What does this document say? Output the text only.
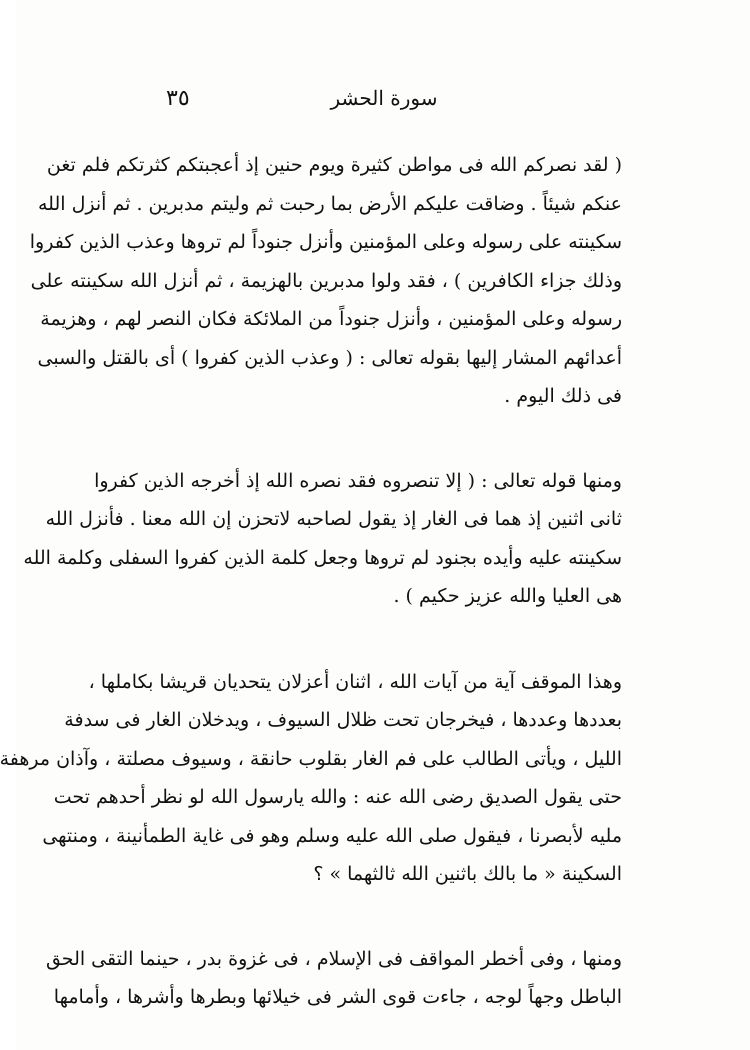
٣٥	سورة الحشر
( لقد نصركم الله فى مواطن كثيرة ويوم حنين إذ أعجبتكم كثرتكم فلم تغن
عنكم شيئاً . وضاقت عليكم الأرض بما رحبت ثم وليتم مدبرين . ثم أنزل الله
سكينته على رسوله وعلى المؤمنين وأنزل جنوداً لم تروها وعذب الذين كفروا
وذلك جزاء الكافرين ) ، فقد ولوا مدبرين بالهزيمة ، ثم أنزل الله سكينته على
رسوله وعلى المؤمنين ، وأنزل جنوداً من الملائكة فكان النصر لهم ، وهزيمة
أعدائهم المشار إليها بقوله تعالى : ( وعذب الذين كفروا ) أى بالقتل والسبى
فى ذلك اليوم .
ومنها قوله تعالى : ( إلا تنصروه فقد نصره الله إذ أخرجه الذين كفروا
ثانى اثنين إذ هما فى الغار إذ يقول لصاحبه لاتحزن إن الله معنا . فأنزل الله
سكينته عليه وأيده بجنود لم تروها وجعل كلمة الذين كفروا السفلى وكلمة الله
هى العليا والله عزيز حكيم ) .
وهذا الموقف آية من آيات الله ، اثنان أعزلان يتحديان قريشا بكاملها ،
بعددها وعددها ، فيخرجان تحت ظلال السيوف ، ويدخلان الغار فى سدفة
الليل ، ويأتى الطالب على فم الغار بقلوب حانقة ، وسيوف مصلتة ، وآذان مرهفة
حتى يقول الصديق رضى الله عنه : والله يارسول الله لو نظر أحدهم تحت
مليه لأبصرنا ، فيقول صلى الله عليه وسلم وهو فى غاية الطمأنينة ، ومنتهى
السكينة « ما بالك باثنين الله ثالثهما » ؟
ومنها ، وفى أخطر المواقف فى الإسلام ، فى غزوة بدر ، حينما التقى الحق
الباطل وجهاً لوجه ، جاءت قوى الشر فى خيلائها وبطرها وأشرها ، وأمامها
